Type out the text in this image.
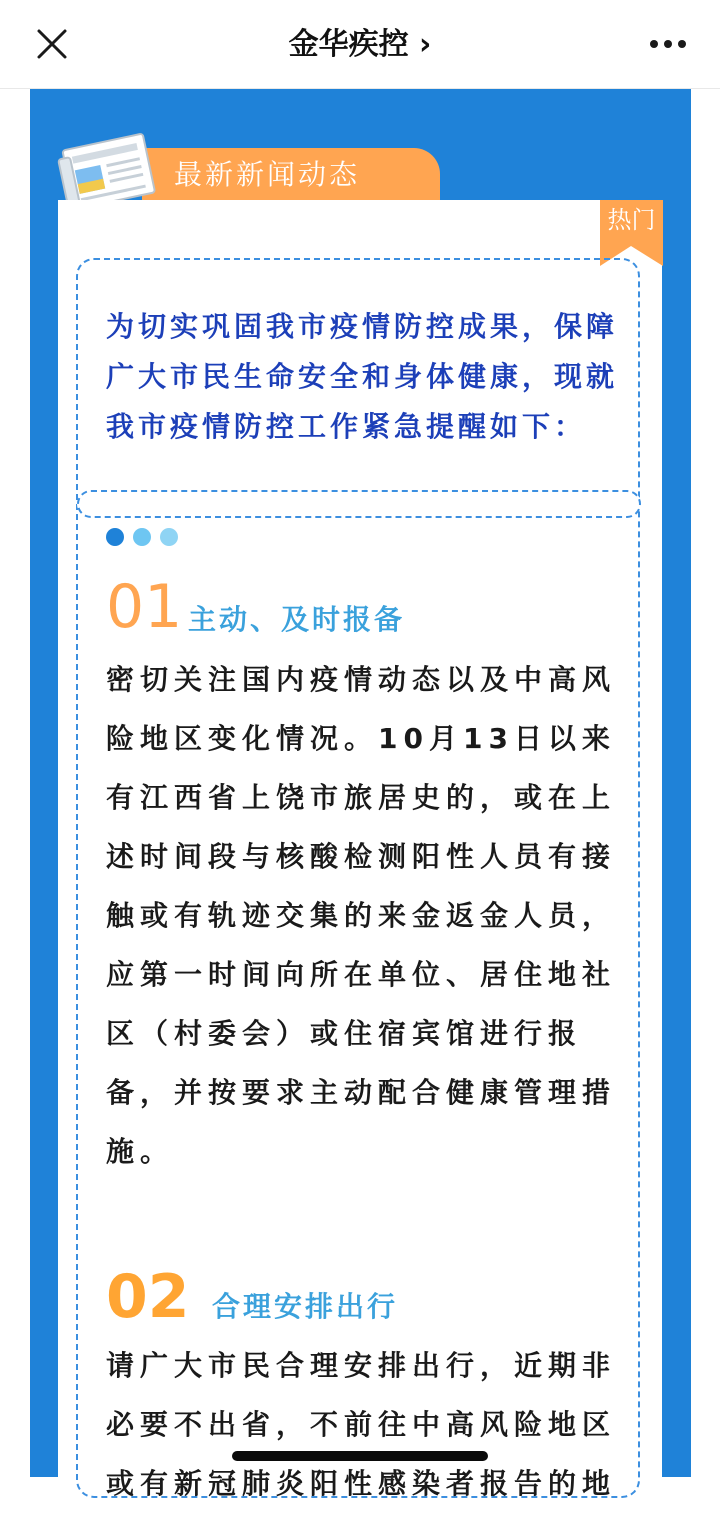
金华疾控 ›
最新新闻动态
热门
为切实巩固我市疫情防控成果，保障广大市民生命安全和身体健康，现就我市疫情防控工作紧急提醒如下：
01 主动、及时报备
密切关注国内疫情动态以及中高风险地区变化情况。10月13日以来有江西省上饶市旅居史的，或在上述时间段与核酸检测阳性人员有接触或有轨迹交集的来金返金人员，应第一时间向所在单位、居住地社区（村委会）或住宿宾馆进行报备，并按要求主动配合健康管理措施。
02 合理安排出行
请广大市民合理安排出行，近期非必要不出省，不前往中高风险地区或有新冠肺炎阳性感染者报告的地
